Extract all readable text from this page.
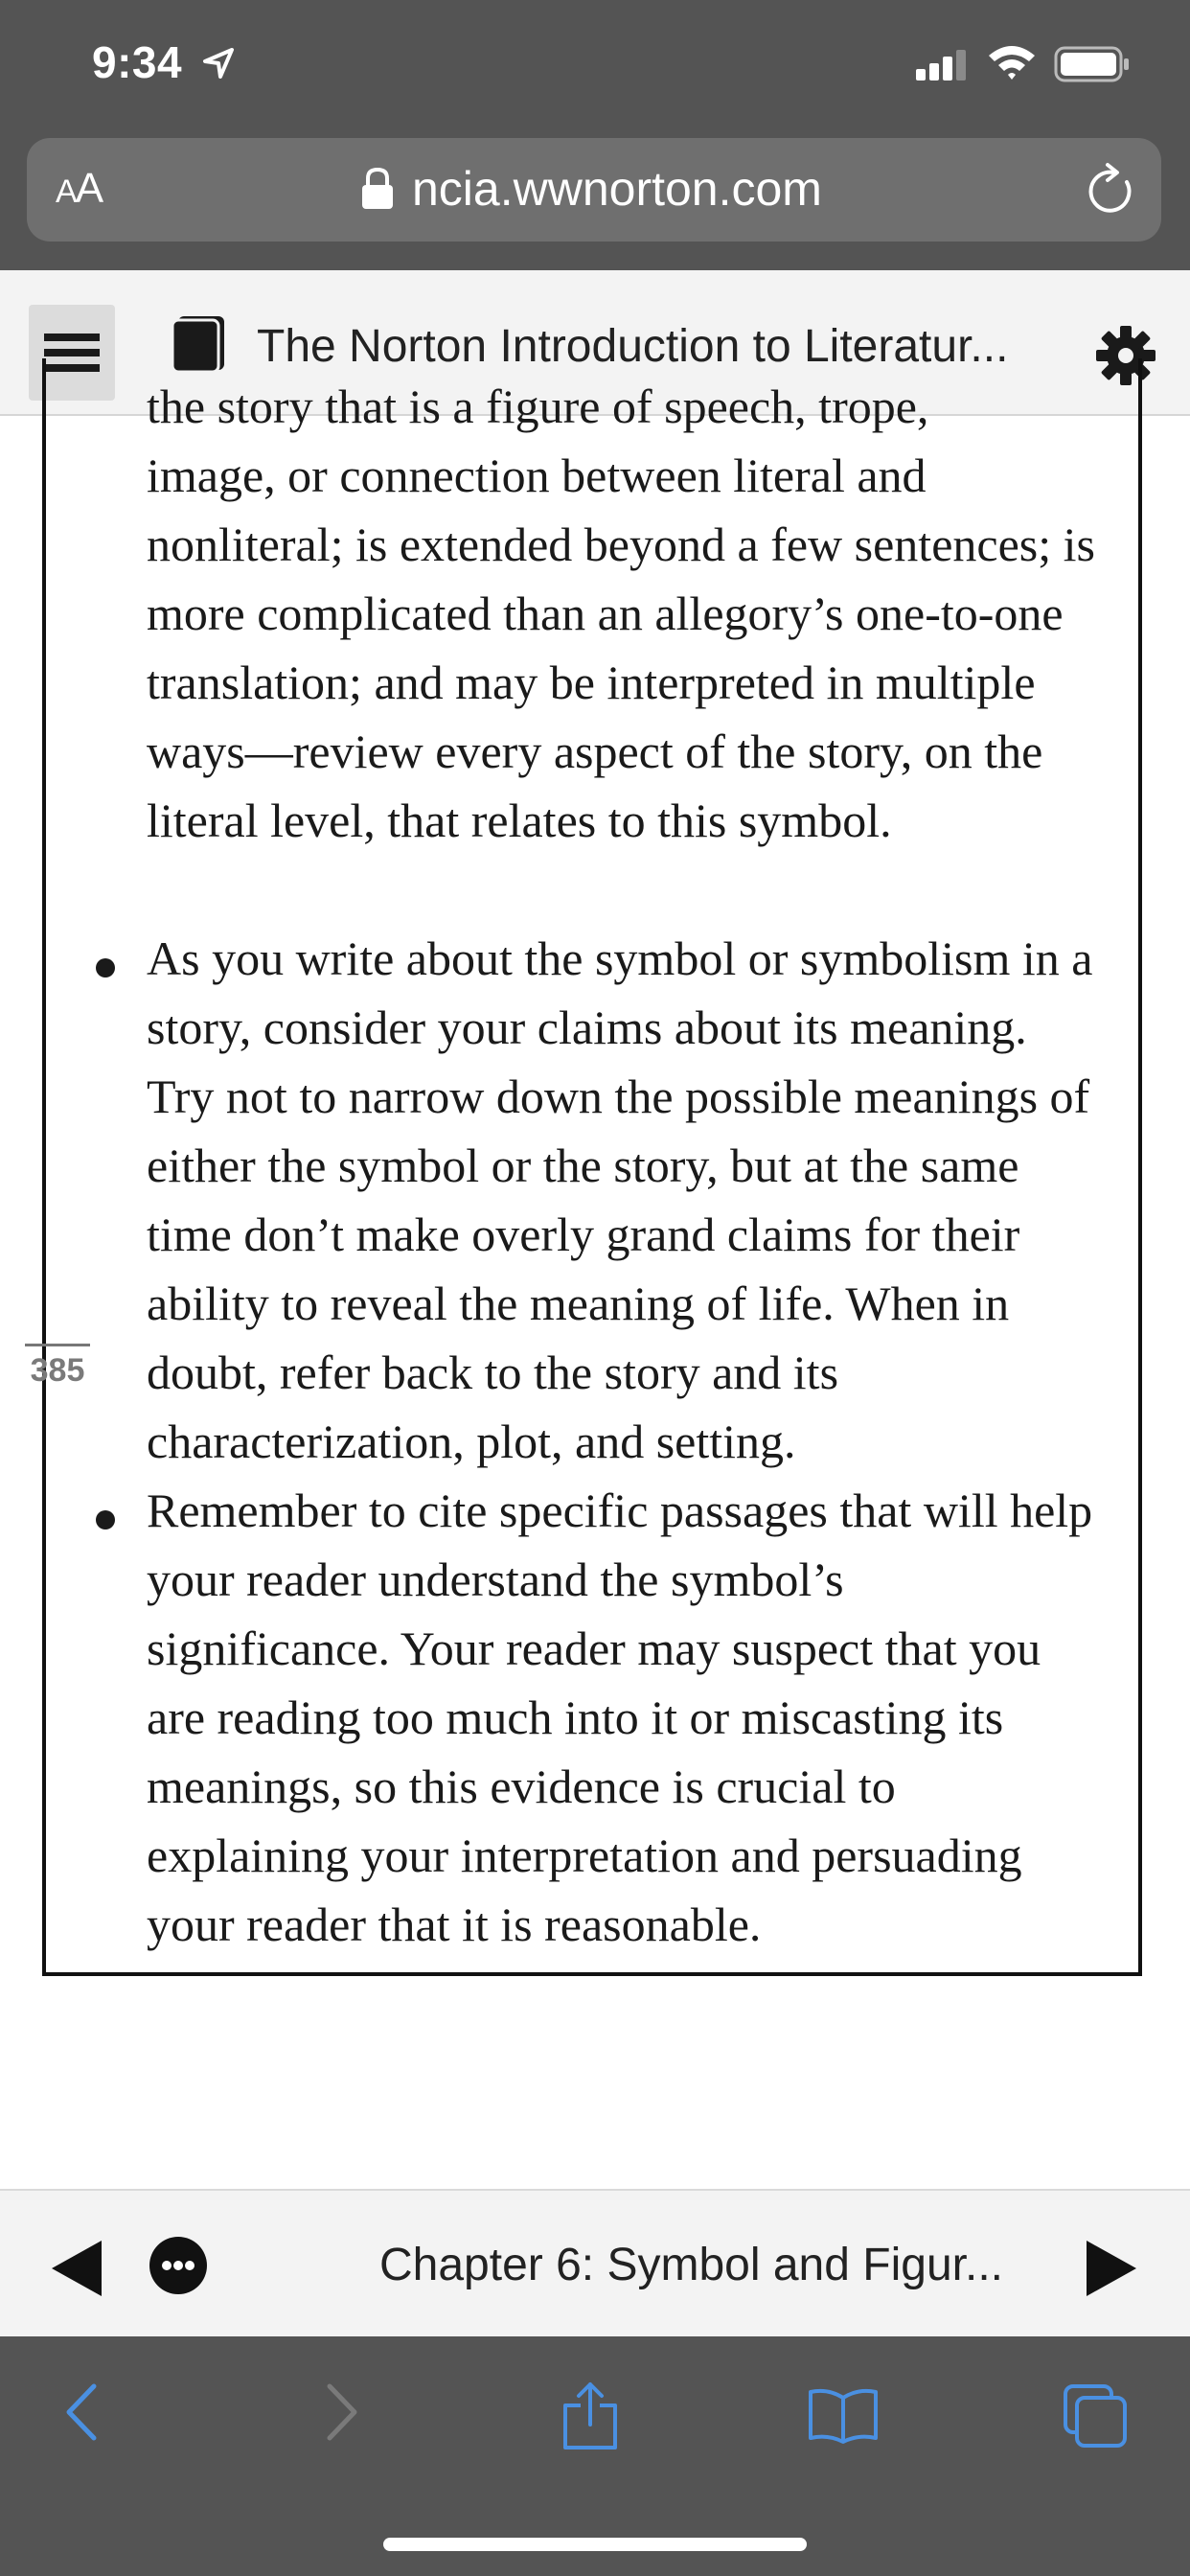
9:34
AA	ncia.wwnorton.com
The Norton Introduction to Literatur...

the story that is a figure of speech, trope,

image, or connection between literal and nonliteral; is extended beyond a few sentences; is more complicated than an allegory’s one-to-one translation; and may be interpreted in multiple ways—review every aspect of the story, on the literal level, that relates to this symbol.

As you write about the symbol or symbolism in a story, consider your claims about its meaning. Try not to narrow down the possible meanings of either the symbol or the story, but at the same time don’t make overly grand claims for their ability to reveal the meaning of life. When in doubt, refer back to the story and its characterization, plot, and setting.

385

Remember to cite specific passages that will help your reader understand the symbol’s significance. Your reader may suspect that you are reading too much into it or miscasting its meanings, so this evidence is crucial to explaining your interpretation and persuading your reader that it is reasonable.

Chapter 6: Symbol and Figur...
